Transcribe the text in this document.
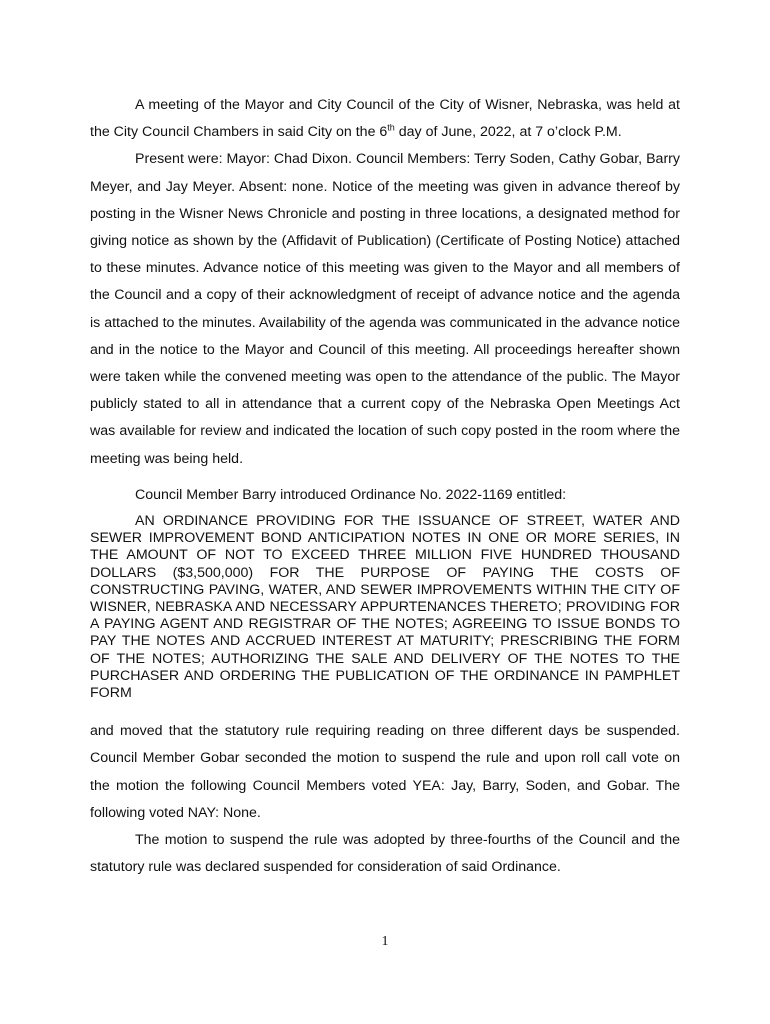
A meeting of the Mayor and City Council of the City of Wisner, Nebraska, was held at the City Council Chambers in said City on the 6th day of June, 2022, at 7 o’clock P.M.

Present were: Mayor: Chad Dixon. Council Members: Terry Soden, Cathy Gobar, Barry Meyer, and Jay Meyer. Absent: none. Notice of the meeting was given in advance thereof by posting in the Wisner News Chronicle and posting in three locations, a designated method for giving notice as shown by the (Affidavit of Publication) (Certificate of Posting Notice) attached to these minutes. Advance notice of this meeting was given to the Mayor and all members of the Council and a copy of their acknowledgment of receipt of advance notice and the agenda is attached to the minutes. Availability of the agenda was communicated in the advance notice and in the notice to the Mayor and Council of this meeting. All proceedings hereafter shown were taken while the convened meeting was open to the attendance of the public. The Mayor publicly stated to all in attendance that a current copy of the Nebraska Open Meetings Act was available for review and indicated the location of such copy posted in the room where the meeting was being held.

Council Member Barry introduced Ordinance No. 2022-1169 entitled:

AN ORDINANCE PROVIDING FOR THE ISSUANCE OF STREET, WATER AND SEWER IMPROVEMENT BOND ANTICIPATION NOTES IN ONE OR MORE SERIES, IN THE AMOUNT OF NOT TO EXCEED THREE MILLION FIVE HUNDRED THOUSAND DOLLARS ($3,500,000) FOR THE PURPOSE OF PAYING THE COSTS OF CONSTRUCTING PAVING, WATER, AND SEWER IMPROVEMENTS WITHIN THE CITY OF WISNER, NEBRASKA AND NECESSARY APPURTENANCES THERETO; PROVIDING FOR A PAYING AGENT AND REGISTRAR OF THE NOTES; AGREEING TO ISSUE BONDS TO PAY THE NOTES AND ACCRUED INTEREST AT MATURITY; PRESCRIBING THE FORM OF THE NOTES; AUTHORIZING THE SALE AND DELIVERY OF THE NOTES TO THE PURCHASER AND ORDERING THE PUBLICATION OF THE ORDINANCE IN PAMPHLET FORM

and moved that the statutory rule requiring reading on three different days be suspended. Council Member Gobar seconded the motion to suspend the rule and upon roll call vote on the motion the following Council Members voted YEA: Jay, Barry, Soden, and Gobar. The following voted NAY: None.

The motion to suspend the rule was adopted by three-fourths of the Council and the statutory rule was declared suspended for consideration of said Ordinance.

1
